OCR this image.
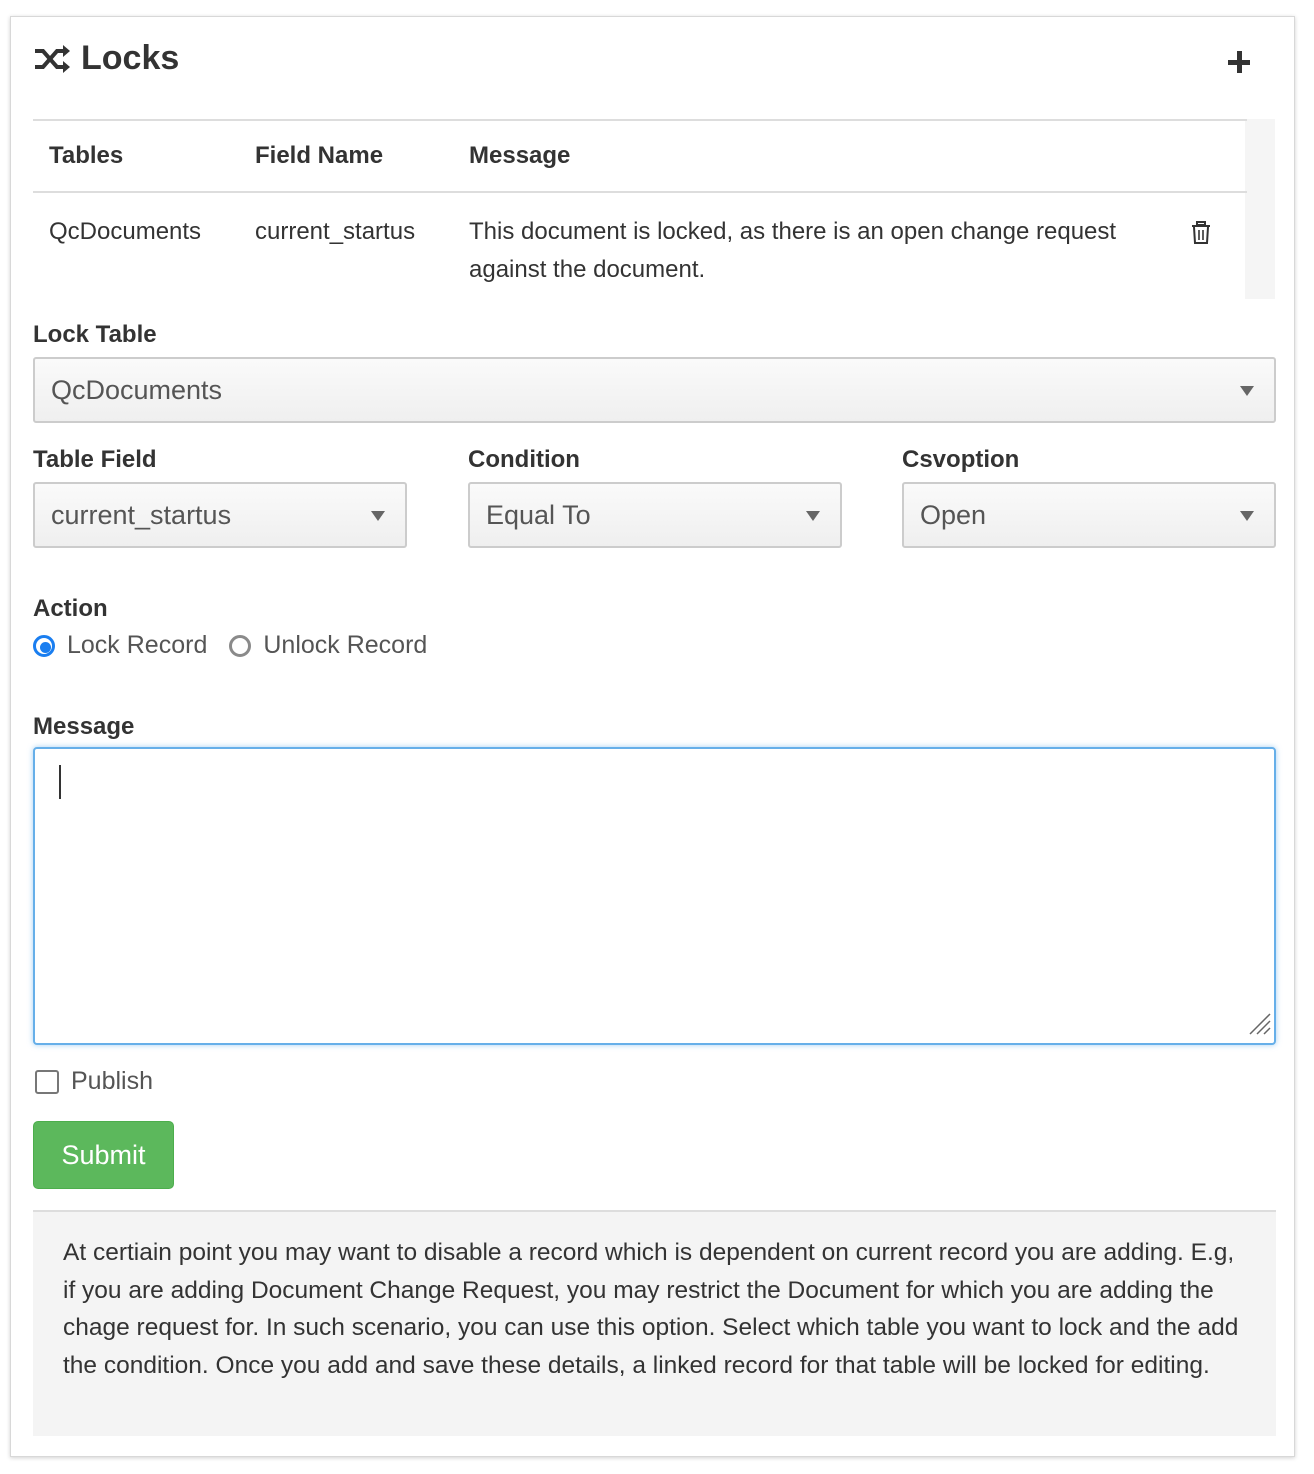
Locks
Tables	Field Name	Message	
QcDocuments	current_startus	This document is locked, as there is an open change request against the document.	
Lock Table
QcDocuments
Table Field
current_startus
Condition
Equal To
Csvoption
Open
Action
Lock Record Unlock Record
Message
Publish
Submit
At certiain point you may want to disable a record which is dependent on current record you are adding. E.g, if you are adding Document Change Request, you may restrict the Document for which you are adding the chage request for. In such scenario, you can use this option. Select which table you want to lock and the add the condition. Once you add and save these details, a linked record for that table will be locked for editing.
